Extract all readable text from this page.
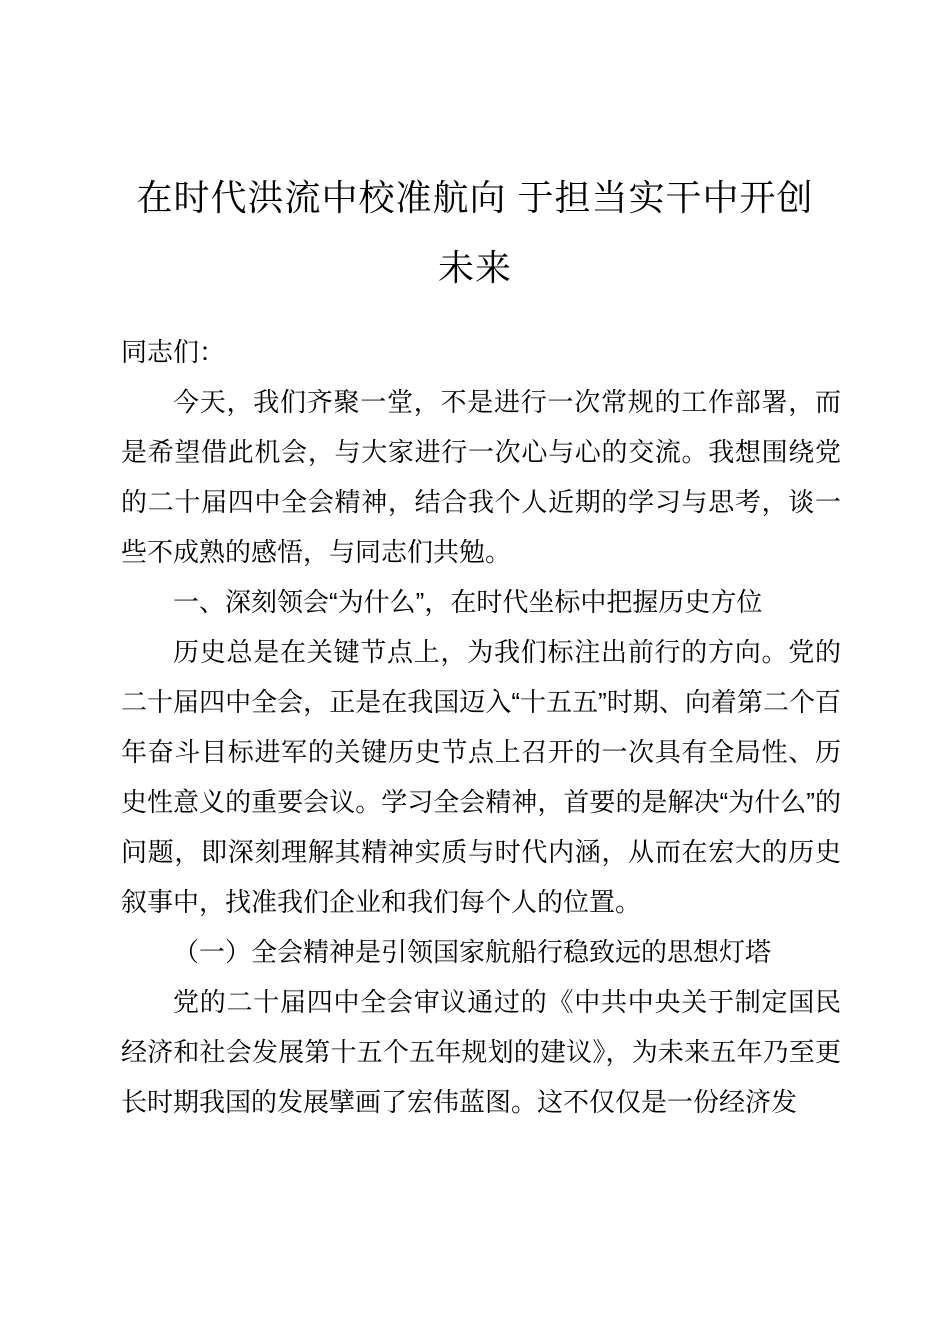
在时代洪流中校准航向 于担当实干中开创
未来

同志们：

今天，我们齐聚一堂，不是进行一次常规的工作部署，而是希望借此机会，与大家进行一次心与心的交流。我想围绕党的二十届四中全会精神，结合我个人近期的学习与思考，谈一些不成熟的感悟，与同志们共勉。

一、深刻领会“为什么”，在时代坐标中把握历史方位

历史总是在关键节点上，为我们标注出前行的方向。党的二十届四中全会，正是在我国迈入“十五五”时期、向着第二个百年奋斗目标进军的关键历史节点上召开的一次具有全局性、历史性意义的重要会议。学习全会精神，首要的是解决“为什么”的问题，即深刻理解其精神实质与时代内涵，从而在宏大的历史叙事中，找准我们企业和我们每个人的位置。

（一）全会精神是引领国家航船行稳致远的思想灯塔

党的二十届四中全会审议通过的《中共中央关于制定国民经济和社会发展第十五个五年规划的建议》，为未来五年乃至更长时期我国的发展擘画了宏伟蓝图。这不仅仅是一份经济发
